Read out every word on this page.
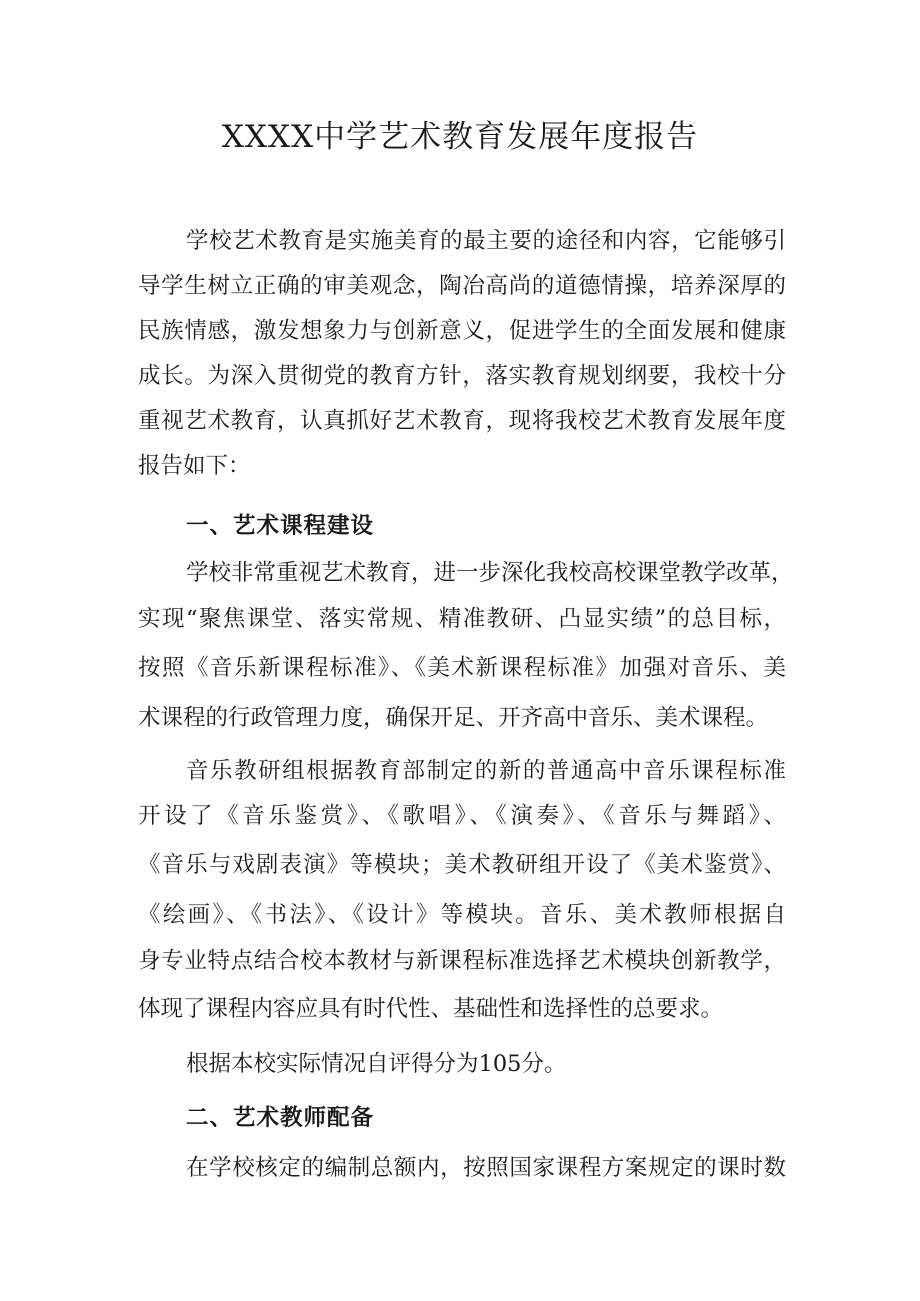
XXXX中学艺术教育发展年度报告
学校艺术教育是实施美育的最主要的途径和内容，它能够引
导学生树立正确的审美观念，陶冶高尚的道德情操，培养深厚的
民族情感，激发想象力与创新意义，促进学生的全面发展和健康
成长。为深入贯彻党的教育方针，落实教育规划纲要，我校十分
重视艺术教育，认真抓好艺术教育，现将我校艺术教育发展年度
报告如下：
一、艺术课程建设
学校非常重视艺术教育，进一步深化我校高校课堂教学改革，
实现“聚焦课堂、落实常规、精准教研、凸显实绩”的总目标，
按照《音乐新课程标准》、《美术新课程标准》加强对音乐、美
术课程的行政管理力度，确保开足、开齐高中音乐、美术课程。
音乐教研组根据教育部制定的新的普通高中音乐课程标准
开设了《音乐鉴赏》、《歌唱》、《演奏》、《音乐与舞蹈》、
《音乐与戏剧表演》等模块；美术教研组开设了《美术鉴赏》、
《绘画》、《书法》、《设计》等模块。音乐、美术教师根据自
身专业特点结合校本教材与新课程标准选择艺术模块创新教学，
体现了课程内容应具有时代性、基础性和选择性的总要求。
根据本校实际情况自评得分为105分。
二、艺术教师配备
在学校核定的编制总额内，按照国家课程方案规定的课时数
